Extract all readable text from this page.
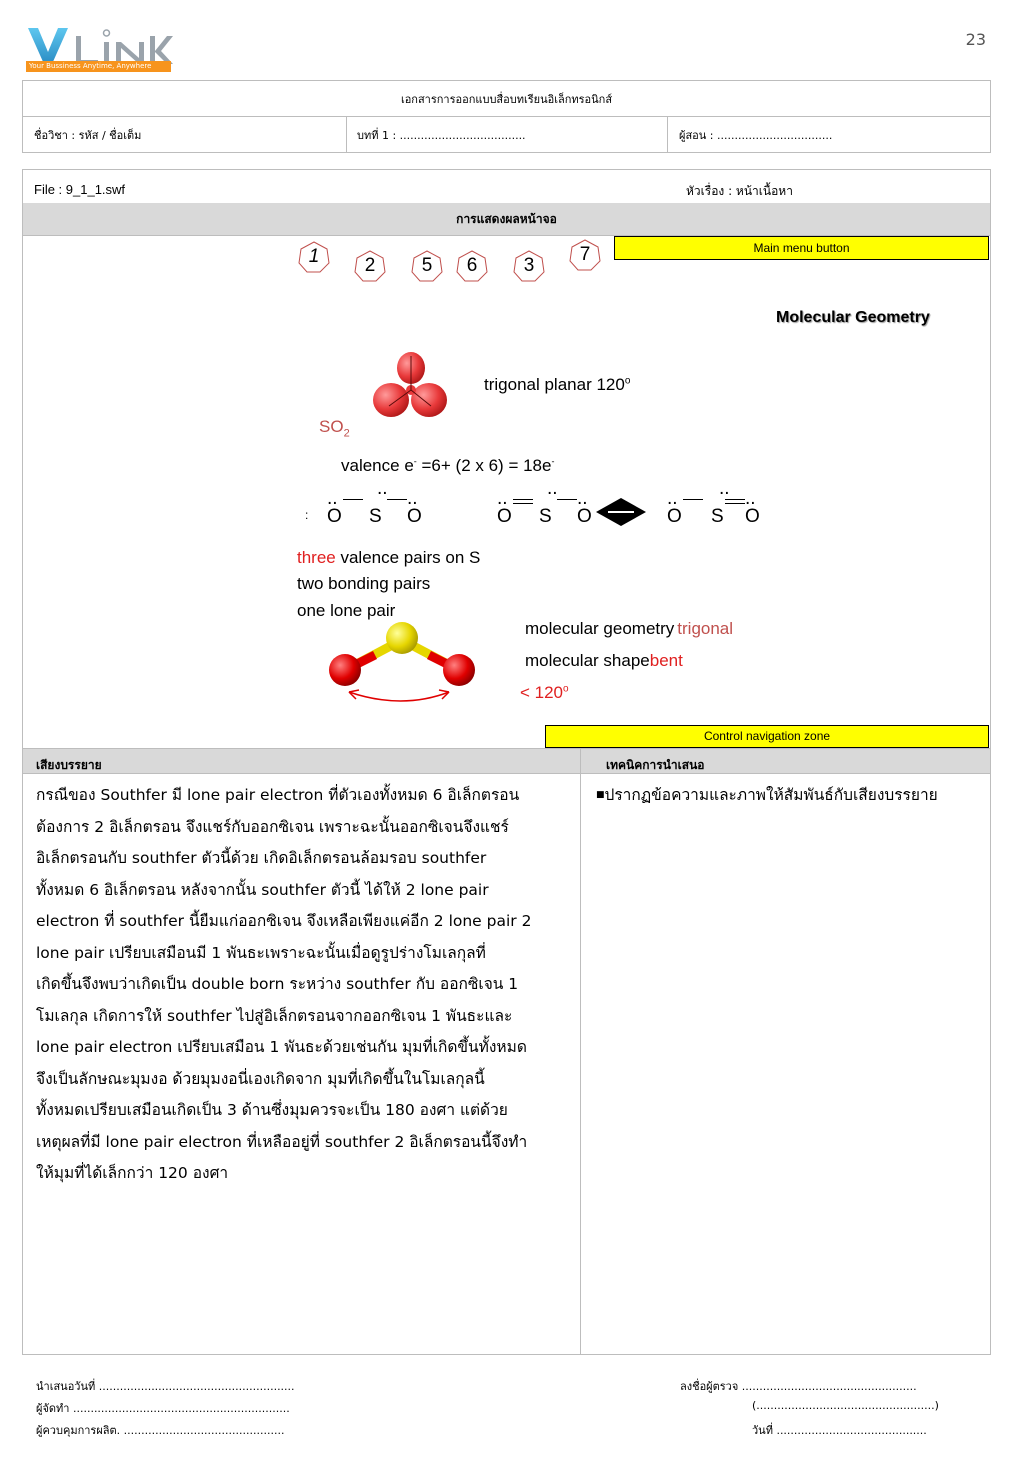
23
Your Bussiness Anytime, Anywhere
เอกสารการออกแบบสื่อบทเรียนอิเล็กทรอนิกส์
ชื่อวิชา : รหัส / ชื่อเต็ม	บทที่ 1 : ....................................	ผู้สอน : .................................
File : 9_1_1.swf	หัวเรื่อง : หน้าเนื้อหา
การแสดงผลหน้าจอ
1	2	5	6	3
7	Main menu button
Molecular Geometry
trigonal planar 120$^o$
$SO_2$
valence e- =6+ (2 x 6) = 18e-
:
..
O
..
S
..
O
..
O
..
S
..
O
..
O
..
S
..
O
three valence pairs on S
two bonding pairs
one lone pair
molecular geometry trigonal
molecular shapebent
< $120^o$
Control navigation zone
เสียงบรรยาย	เทคนิคการนำเสนอ
กรณีของ Southfer มี lone pair electron ที่ตัวเองทั้งหมด 6 อิเล็กตรอน
ต้องการ 2 อิเล็กตรอน จึงแชร์กับออกซิเจน เพราะฉะนั้นออกซิเจนจึงแชร์
อิเล็กตรอนกับ southfer ตัวนี้ด้วย เกิดอิเล็กตรอนล้อมรอบ southfer
ทั้งหมด 6 อิเล็กตรอน หลังจากนั้น southfer ตัวนี้ ได้ให้ 2 lone pair
electron ที่ southfer นี้ยืมแก่ออกซิเจน จึงเหลือเพียงแค่อีก 2 lone pair 2
lone pair เปรียบเสมือนมี 1 พันธะเพราะฉะนั้นเมื่อดูรูปร่างโมเลกุลที่
เกิดขึ้นจึงพบว่าเกิดเป็น double born ระหว่าง southfer กับ ออกซิเจน 1
โมเลกุล เกิดการให้ southfer ไปสู่อิเล็กตรอนจากออกซิเจน 1 พันธะและ
lone pair electron เปรียบเสมือน 1 พันธะด้วยเช่นกัน มุมที่เกิดขึ้นทั้งหมด
จึงเป็นลักษณะมุมงอ ด้วยมุมงอนี่เองเกิดจาก มุมที่เกิดขึ้นในโมเลกุลนี้
ทั้งหมดเปรียบเสมือนเกิดเป็น 3 ด้านซึ่งมุมควรจะเป็น 180 องศา แต่ด้วย
เหตุผลที่มี lone pair electron ที่เหลืออยู่ที่ southfer 2 อิเล็กตรอนนี้จึงทำ
ให้มุมที่ได้เล็กกว่า 120 องศา
■ปรากฏข้อความและภาพให้สัมพันธ์กับเสียงบรรยาย
นำเสนอวันที่ ........................................................
ผู้จัดทำ ..............................................................
ผู้ควบคุมการผลิต. ..............................................
ลงชื่อผู้ตรวจ ..................................................
(...................................................)
วันที่ ...........................................
